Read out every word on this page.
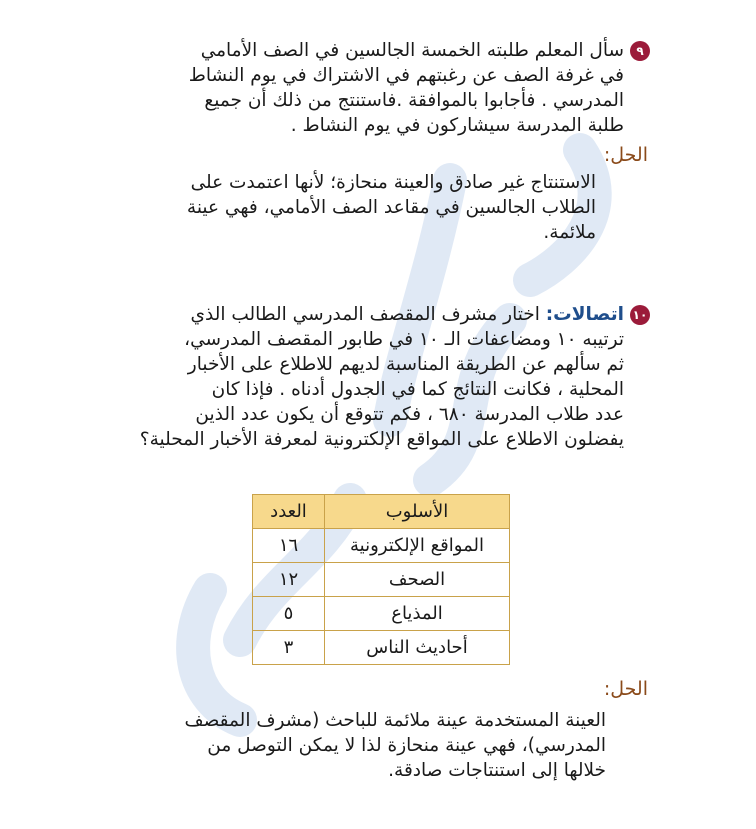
٩سأل المعلم طلبته الخمسة الجالسين في الصف الأمامي
في غرفة الصف عن رغبتهم في الاشتراك في يوم النشاط
المدرسي . فأجابوا بالموافقة .فاستنتج من ذلك أن جميع
طلبة المدرسة سيشاركون في يوم النشاط .
الحل:
الاستنتاج غير صادق والعينة منحازة؛ لأنها اعتمدت على
الطلاب الجالسين في مقاعد الصف الأمامي، فهي عينة
ملائمة.
١٠اتصالات: اختار مشرف المقصف المدرسي الطالب الذي
ترتيبه ١٠ ومضاعفات الـ ١٠ في طابور المقصف المدرسي،
ثم سألهم عن الطريقة المناسبة لديهم للاطلاع على الأخبار
المحلية ، فكانت النتائج كما في الجدول أدناه . فإذا كان
عدد طلاب المدرسة ٦٨٠ ، فكم تتوقع أن يكون عدد الذين
يفضلون الاطلاع على المواقع الإلكترونية لمعرفة الأخبار المحلية؟
الأسلوب	العدد
المواقع الإلكترونية	١٦
الصحف	١٢
المذياع	٥
أحاديث الناس	٣
الحل:
العينة المستخدمة عينة ملائمة للباحث (مشرف المقصف
المدرسي)، فهي عينة منحازة لذا لا يمكن التوصل من
خلالها إلى استنتاجات صادقة.
